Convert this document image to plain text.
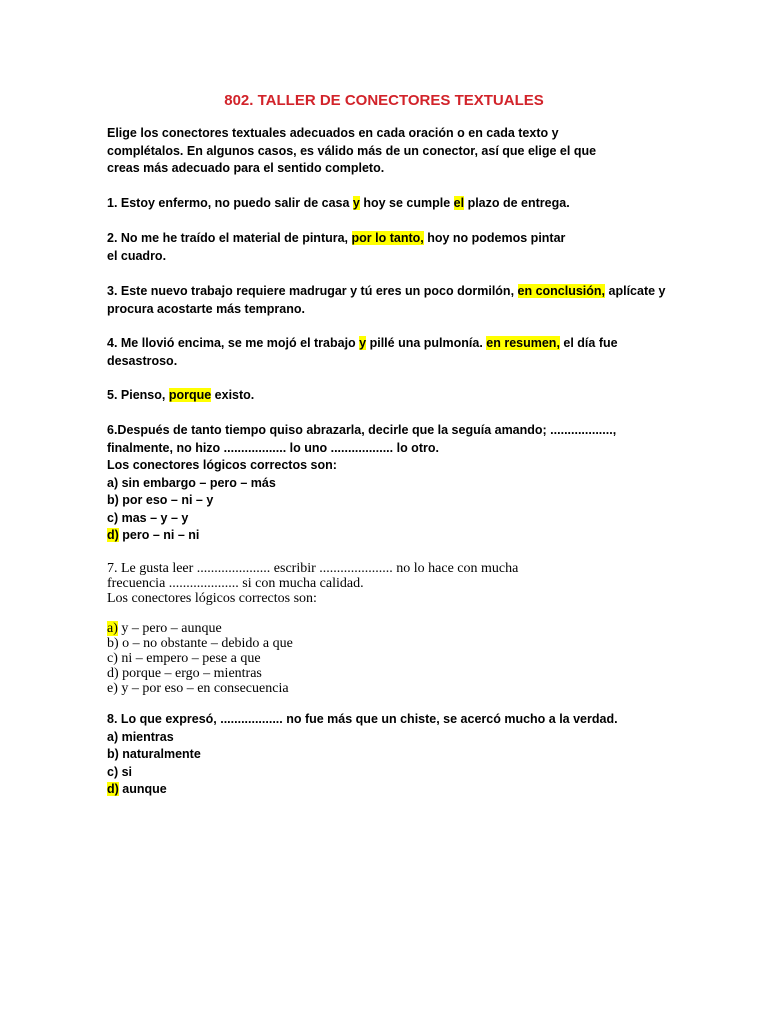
802. TALLER DE CONECTORES TEXTUALES

Elige los conectores textuales adecuados en cada oración o en cada texto y

complétalos. En algunos casos, es válido más de un conector, así que elige el que

creas más adecuado para el sentido completo.

1. Estoy enfermo, no puedo salir de casa y hoy se cumple el plazo de entrega.

2. No me he traído el material de pintura, por lo tanto, hoy no podemos pintar

el cuadro.

3. Este nuevo trabajo requiere madrugar y tú eres un poco dormilón, en conclusión, aplícate y

procura acostarte más temprano.

4. Me llovió encima, se me mojó el trabajo y pillé una pulmonía. en resumen, el día fue

desastroso.

5. Pienso, porque existo.

6.Después de tanto tiempo quiso abrazarla, decirle que la seguía amando; ..................,

finalmente, no hizo .................. lo uno .................. lo otro.

Los conectores lógicos correctos son:

a) sin embargo – pero – más

b) por eso – ni – y

c) mas – y – y

d) pero – ni – ni

7. Le gusta leer ..................... escribir ..................... no lo hace con mucha

frecuencia .................... si con mucha calidad.

Los conectores lógicos correctos son:

a) y – pero – aunque

b) o – no obstante – debido a que

c) ni – empero – pese a que

d) porque – ergo – mientras

e) y – por eso – en consecuencia

8. Lo que expresó, .................. no fue más que un chiste, se acercó mucho a la verdad.

a) mientras

b) naturalmente

c) si

d) aunque
